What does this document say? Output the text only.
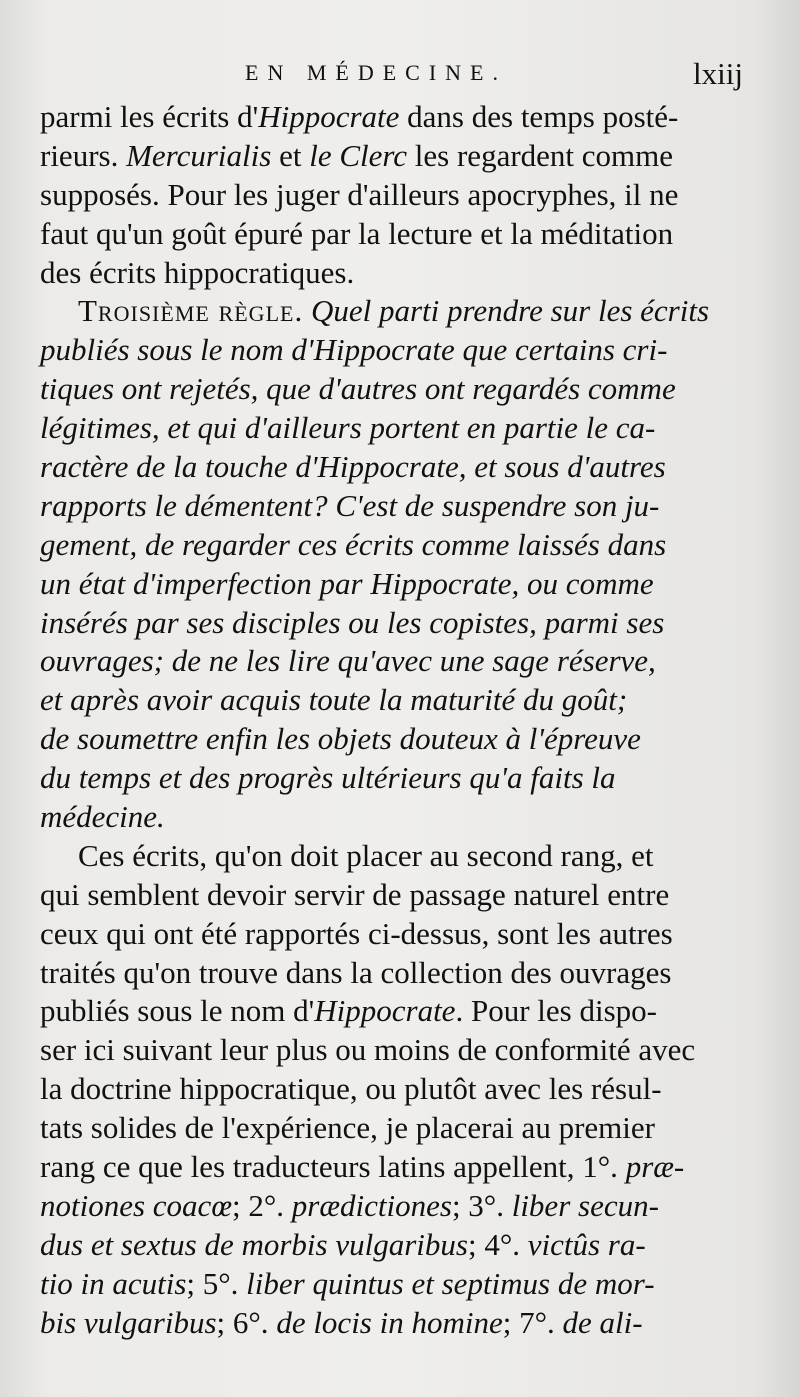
EN MÉDECINE.	lxiij
parmi les écrits d'Hippocrate dans des temps posté-
rieurs. Mercurialis et le Clerc les regardent comme
supposés. Pour les juger d'ailleurs apocryphes, il ne
faut qu'un goût épuré par la lecture et la méditation
des écrits hippocratiques.
Troisième règle. Quel parti prendre sur les écrits
publiés sous le nom d'Hippocrate que certains cri-
tiques ont rejetés, que d'autres ont regardés comme
légitimes, et qui d'ailleurs portent en partie le ca-
ractère de la touche d'Hippocrate, et sous d'autres
rapports le démentent? C'est de suspendre son ju-
gement, de regarder ces écrits comme laissés dans
un état d'imperfection par Hippocrate, ou comme
insérés par ses disciples ou les copistes, parmi ses
ouvrages; de ne les lire qu'avec une sage réserve,
et après avoir acquis toute la maturité du goût;
de soumettre enfin les objets douteux à l'épreuve
du temps et des progrès ultérieurs qu'a faits la
médecine.
Ces écrits, qu'on doit placer au second rang, et
qui semblent devoir servir de passage naturel entre
ceux qui ont été rapportés ci-dessus, sont les autres
traités qu'on trouve dans la collection des ouvrages
publiés sous le nom d'Hippocrate. Pour les dispo-
ser ici suivant leur plus ou moins de conformité avec
la doctrine hippocratique, ou plutôt avec les résul-
tats solides de l'expérience, je placerai au premier
rang ce que les traducteurs latins appellent, 1°. præ-
notiones coacœ; 2°. prædictiones; 3°. liber secun-
dus et sextus de morbis vulgaribus; 4°. victûs ra-
tio in acutis; 5°. liber quintus et septimus de mor-
bis vulgaribus; 6°. de locis in homine; 7°. de ali-
